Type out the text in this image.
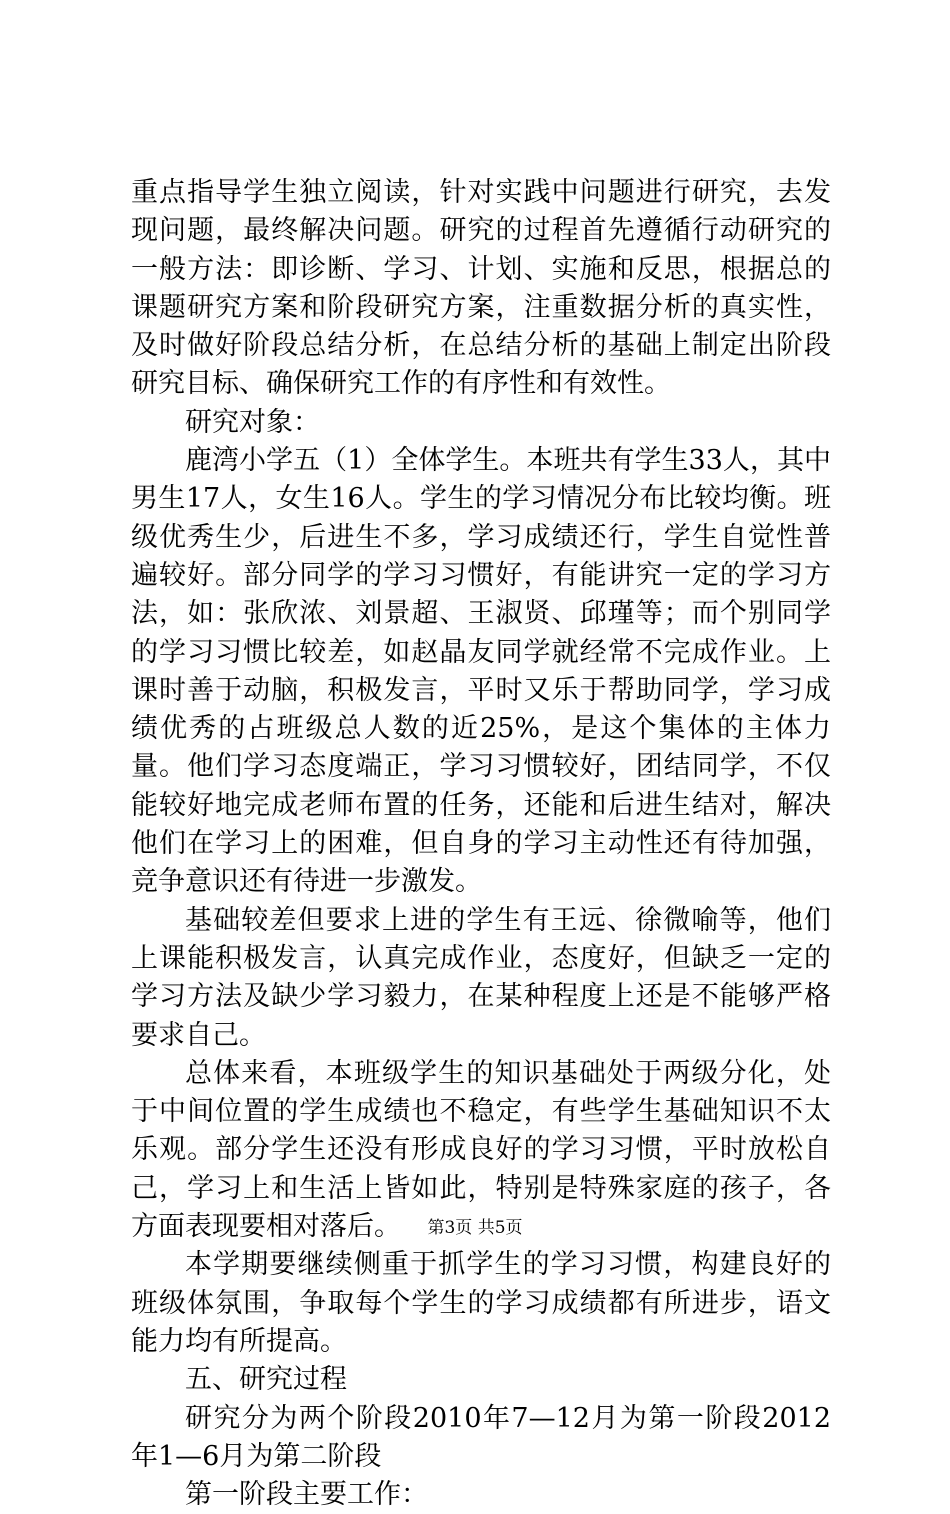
重点指导学生独立阅读，针对实践中问题进行研究，去发现问题，最终解决问题。研究的过程首先遵循行动研究的一般方法：即诊断、学习、计划、实施和反思，根据总的课题研究方案和阶段研究方案，注重数据分析的真实性，及时做好阶段总结分析，在总结分析的基础上制定出阶段研究目标、确保研究工作的有序性和有效性。

研究对象：

鹿湾小学五（1）全体学生。本班共有学生33人，其中男生17人，女生16人。学生的学习情况分布比较均衡。班级优秀生少，后进生不多，学习成绩还行，学生自觉性普遍较好。部分同学的学习习惯好，有能讲究一定的学习方法，如：张欣浓、刘景超、王淑贤、邱瑾等；而个别同学的学习习惯比较差，如赵晶友同学就经常不完成作业。上课时善于动脑，积极发言，平时又乐于帮助同学，学习成绩优秀的占班级总人数的近25%，是这个集体的主体力量。他们学习态度端正，学习习惯较好，团结同学，不仅能较好地完成老师布置的任务，还能和后进生结对，解决他们在学习上的困难，但自身的学习主动性还有待加强，竞争意识还有待进一步激发。

基础较差但要求上进的学生有王远、徐微喻等，他们上课能积极发言，认真完成作业，态度好，但缺乏一定的学习方法及缺少学习毅力，在某种程度上还是不能够严格要求自己。

总体来看，本班级学生的知识基础处于两级分化，处于中间位置的学生成绩也不稳定，有些学生基础知识不太乐观。部分学生还没有形成良好的学习习惯，平时放松自己，学习上和生活上皆如此，特别是特殊家庭的孩子，各方面表现要相对落后。

本学期要继续侧重于抓学生的学习习惯，构建良好的班级体氛围，争取每个学生的学习成绩都有所进步，语文能力均有所提高。

五、研究过程

研究分为两个阶段2010年7—12月为第一阶段2012年1—6月为第二阶段

第一阶段主要工作：

第3页 共5页
